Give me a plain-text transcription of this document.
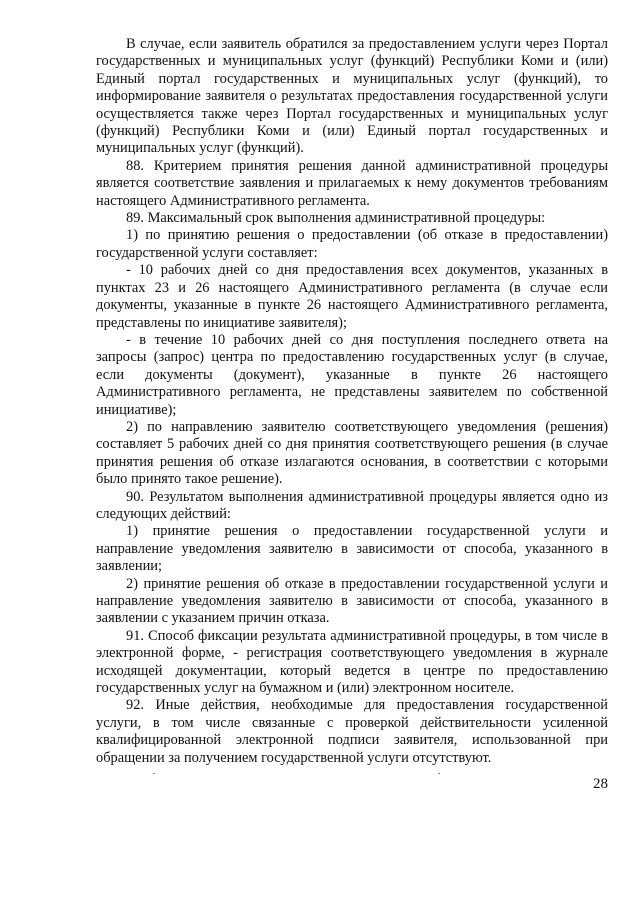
В случае, если заявитель обратился за предоставлением услуги через Портал государственных и муниципальных услуг (функций) Республики Коми и (или) Единый портал государственных и муниципальных услуг (функций), то информирование заявителя о результатах предоставления государственной услуги осуществляется также через Портал государственных и муниципальных услуг (функций) Республики Коми и (или) Единый портал государственных и муниципальных услуг (функций).

88. Критерием принятия решения данной административной процедуры является соответствие заявления и прилагаемых к нему документов требованиям настоящего Административного регламента.

89. Максимальный срок выполнения административной процедуры:

1) по принятию решения о предоставлении (об отказе в предоставлении) государственной услуги составляет:

- 10 рабочих дней со дня предоставления всех документов, указанных в пунктах 23 и 26 настоящего Административного регламента (в случае если документы, указанные в пункте 26 настоящего Административного регламента, представлены по инициативе заявителя);

- в течение 10 рабочих дней со дня поступления последнего ответа на запросы (запрос) центра по предоставлению государственных услуг (в случае, если документы (документ), указанные в пункте 26 настоящего Административного регламента, не представлены заявителем по собственной инициативе);

2) по направлению заявителю соответствующего уведомления (решения) составляет 5 рабочих дней со дня принятия соответствующего решения (в случае принятия решения об отказе излагаются основания, в соответствии с которыми было принято такое решение).

90. Результатом выполнения административной процедуры является одно из следующих действий:

1) принятие решения о предоставлении государственной услуги и направление уведомления заявителю в зависимости от способа, указанного в заявлении;

2) принятие решения об отказе в предоставлении государственной услуги и направление уведомления заявителю в зависимости от способа, указанного в заявлении с указанием причин отказа.

91. Способ фиксации результата административной процедуры, в том числе в электронной форме, - регистрация соответствующего уведомления в журнале исходящей документации, который ведется в центре по предоставлению государственных услуг на бумажном и (или) электронном носителе.

92. Иные действия, необходимые для предоставления государственной услуги, в том числе связанные с проверкой действительности усиленной квалифицированной электронной подписи заявителя, использованной при обращении за получением государственной услуги отсутствуют.

28
